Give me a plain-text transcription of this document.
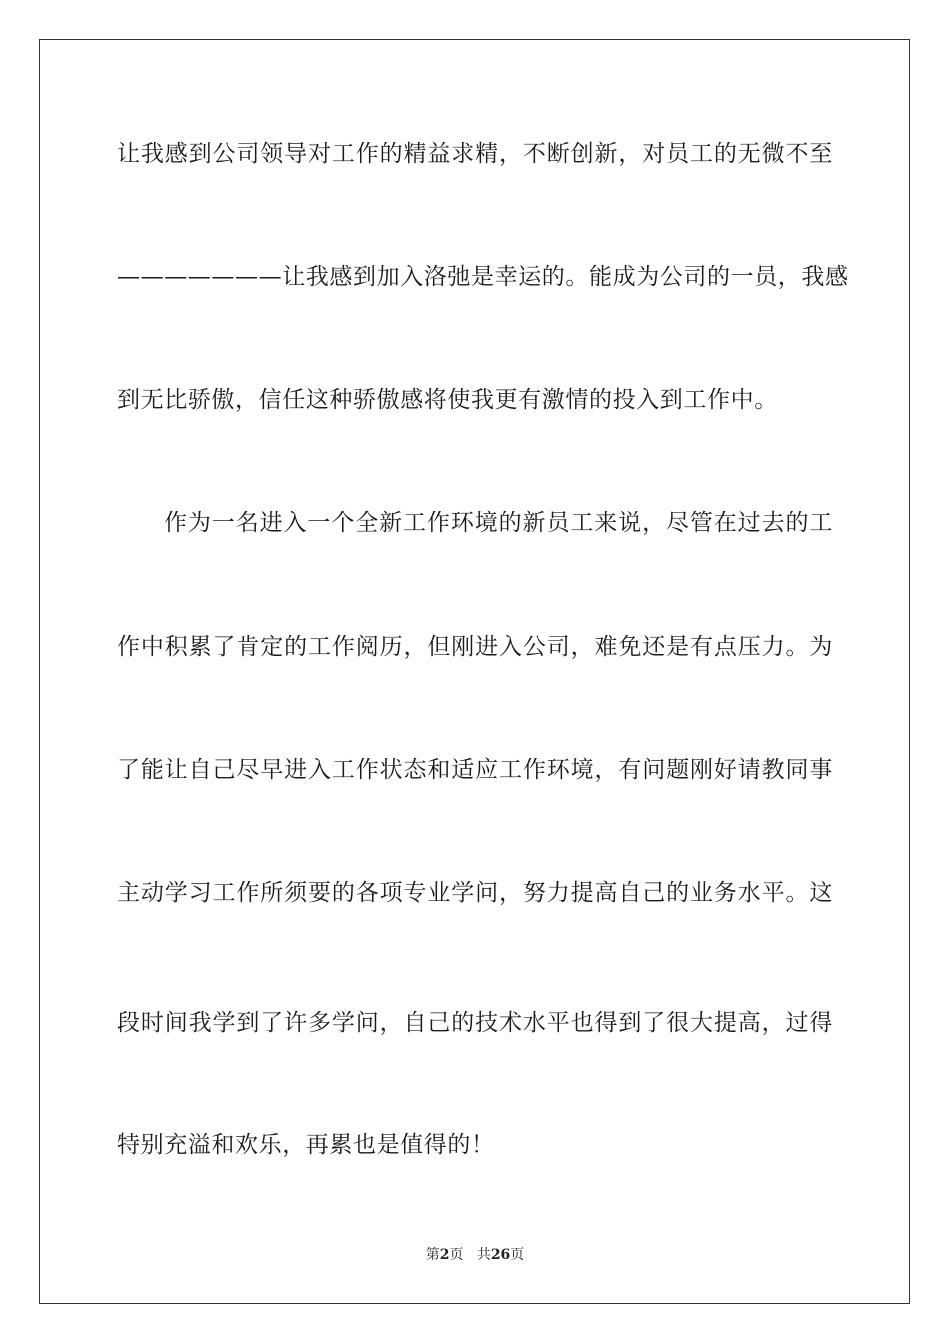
让我感到公司领导对工作的精益求精，不断创新，对员工的无微不至
———————让我感到加入洛弛是幸运的。能成为公司的一员，我感
到无比骄傲，信任这种骄傲感将使我更有激情的投入到工作中。
作为一名进入一个全新工作环境的新员工来说，尽管在过去的工
作中积累了肯定的工作阅历，但刚进入公司，难免还是有点压力。为
了能让自己尽早进入工作状态和适应工作环境，有问题刚好请教同事
主动学习工作所须要的各项专业学问，努力提高自己的业务水平。这
段时间我学到了许多学问，自己的技术水平也得到了很大提高，过得
特别充溢和欢乐，再累也是值得的！
第2页 共26页
